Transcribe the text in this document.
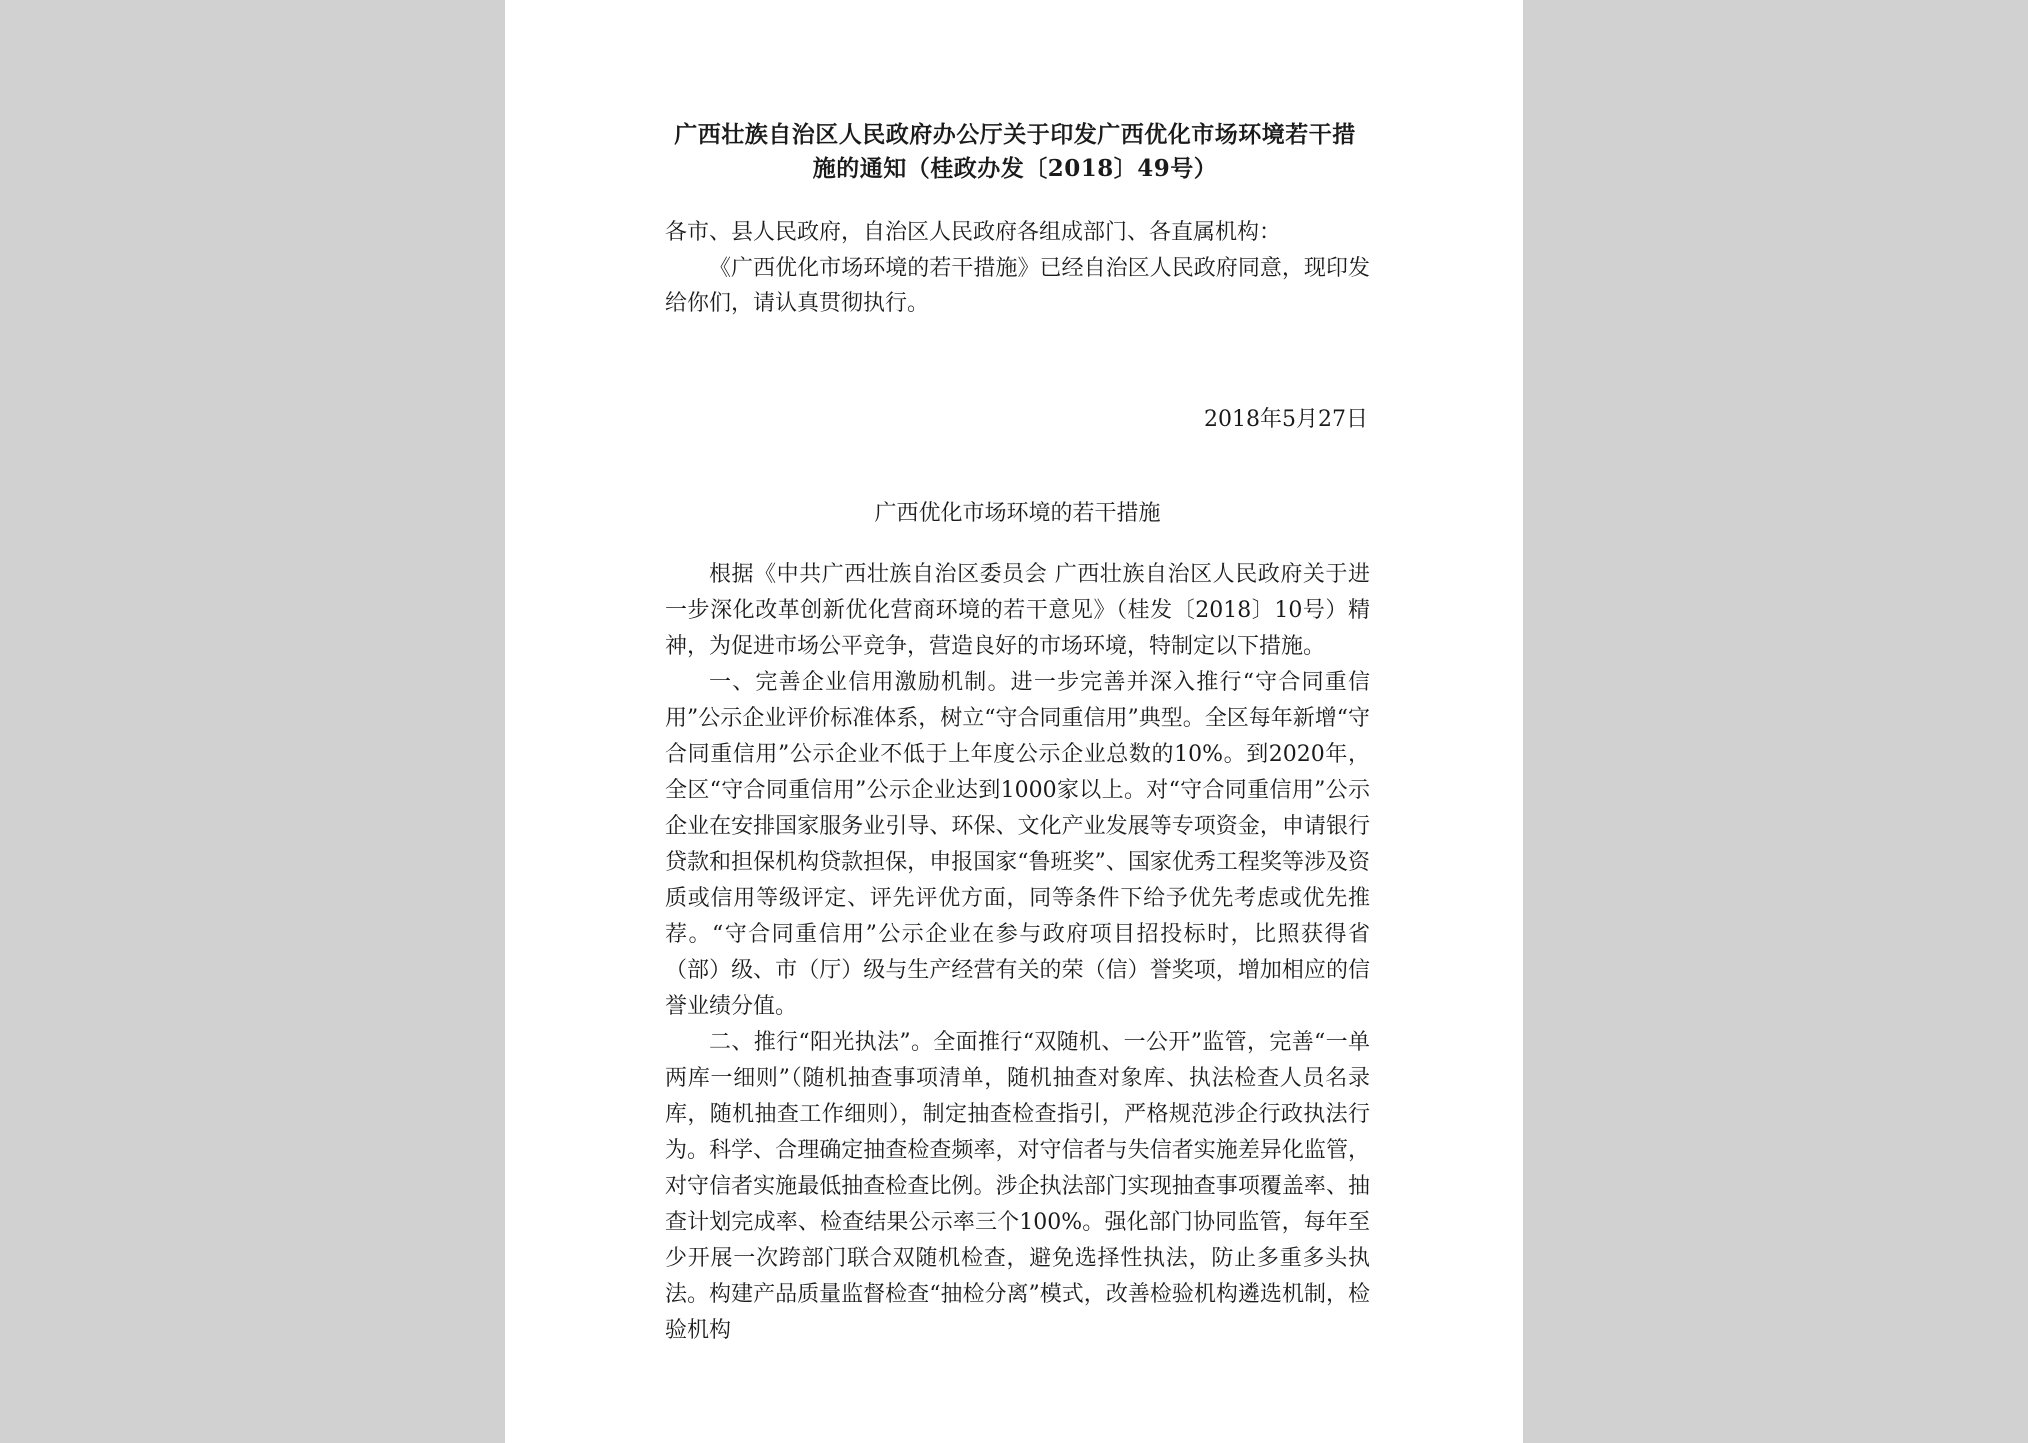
广西壮族自治区人民政府办公厅关于印发广西优化市场环境若干措施的通知（桂政办发〔2018〕49号）

各市、县人民政府，自治区人民政府各组成部门、各直属机构：

《广西优化市场环境的若干措施》已经自治区人民政府同意，现印发给你们，请认真贯彻执行。

2018年5月27日

广西优化市场环境的若干措施

根据《中共广西壮族自治区委员会 广西壮族自治区人民政府关于进一步深化改革创新优化营商环境的若干意见》（桂发〔2018〕10号）精神，为促进市场公平竞争，营造良好的市场环境，特制定以下措施。

一、完善企业信用激励机制。进一步完善并深入推行“守合同重信用”公示企业评价标准体系，树立“守合同重信用”典型。全区每年新增“守合同重信用”公示企业不低于上年度公示企业总数的10%。到2020年，全区“守合同重信用”公示企业达到1000家以上。对“守合同重信用”公示企业在安排国家服务业引导、环保、文化产业发展等专项资金，申请银行贷款和担保机构贷款担保，申报国家“鲁班奖”、国家优秀工程奖等涉及资质或信用等级评定、评先评优方面，同等条件下给予优先考虑或优先推荐。“守合同重信用”公示企业在参与政府项目招投标时，比照获得省（部）级、市（厅）级与生产经营有关的荣（信）誉奖项，增加相应的信誉业绩分值。

二、推行“阳光执法”。全面推行“双随机、一公开”监管，完善“一单两库一细则”（随机抽查事项清单，随机抽查对象库、执法检查人员名录库，随机抽查工作细则），制定抽查检查指引，严格规范涉企行政执法行为。科学、合理确定抽查检查频率，对守信者与失信者实施差异化监管，对守信者实施最低抽查检查比例。涉企执法部门实现抽查事项覆盖率、抽查计划完成率、检查结果公示率三个100%。强化部门协同监管，每年至少开展一次跨部门联合双随机检查，避免选择性执法，防止多重多头执法。构建产品质量监督检查“抽检分离”模式，改善检验机构遴选机制，检验机构
